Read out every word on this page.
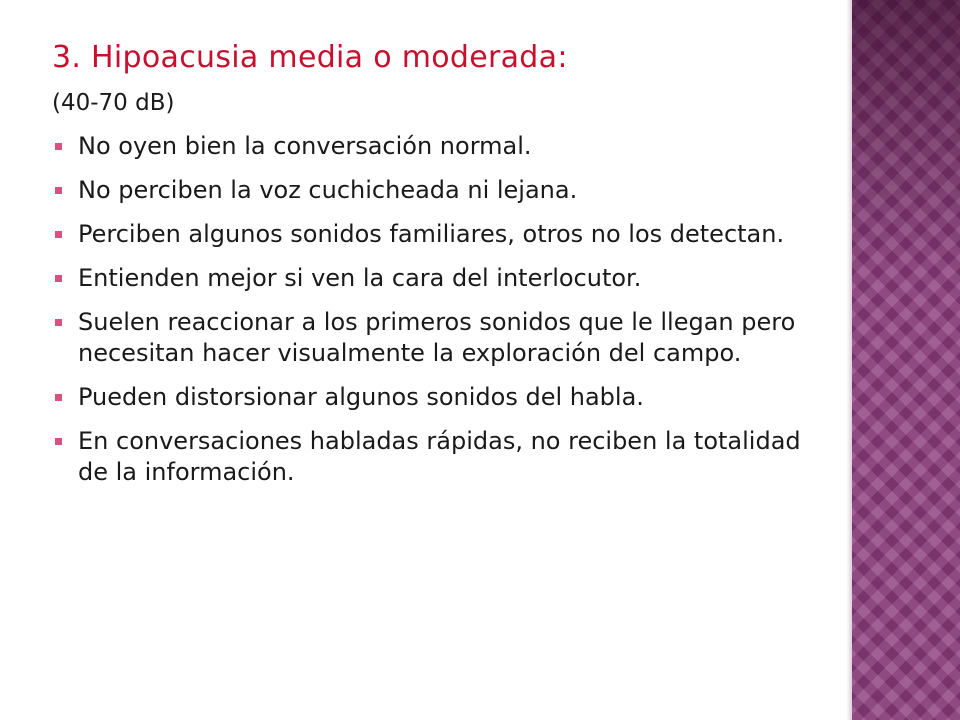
3. Hipoacusia media o moderada:
(40-70 dB)
No oyen bien la conversación normal.
No perciben la voz cuchicheada ni lejana.
Perciben algunos sonidos familiares, otros no los detectan.
Entienden mejor si ven la cara del interlocutor.
Suelen reaccionar a los primeros sonidos que le llegan pero necesitan hacer visualmente la exploración del campo.
Pueden distorsionar algunos sonidos del habla.
En conversaciones habladas rápidas, no reciben la totalidad de la información.
